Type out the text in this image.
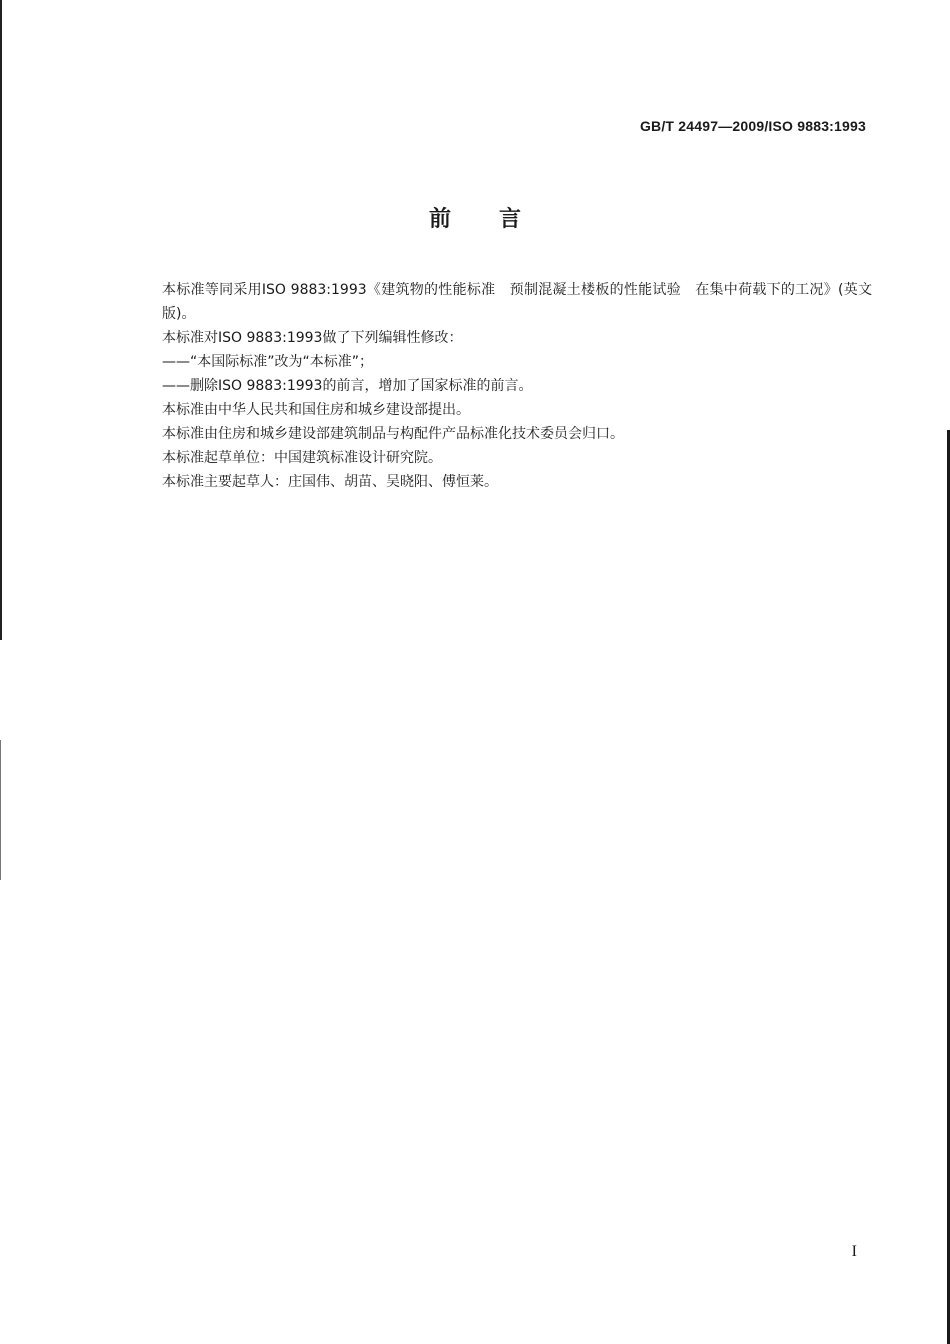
GB/T 24497—2009/ISO 9883:1993
前言

本标准等同采用ISO 9883:1993《建筑物的性能标准　预制混凝土楼板的性能试验　在集中荷载下的工况》(英文版)。

本标准对ISO 9883:1993做了下列编辑性修改：

——“本国际标准”改为“本标准”；

——删除ISO 9883:1993的前言，增加了国家标准的前言。

本标准由中华人民共和国住房和城乡建设部提出。

本标准由住房和城乡建设部建筑制品与构配件产品标准化技术委员会归口。

本标准起草单位：中国建筑标准设计研究院。

本标准主要起草人：庄国伟、胡苗、吴晓阳、傅恒莱。

I
